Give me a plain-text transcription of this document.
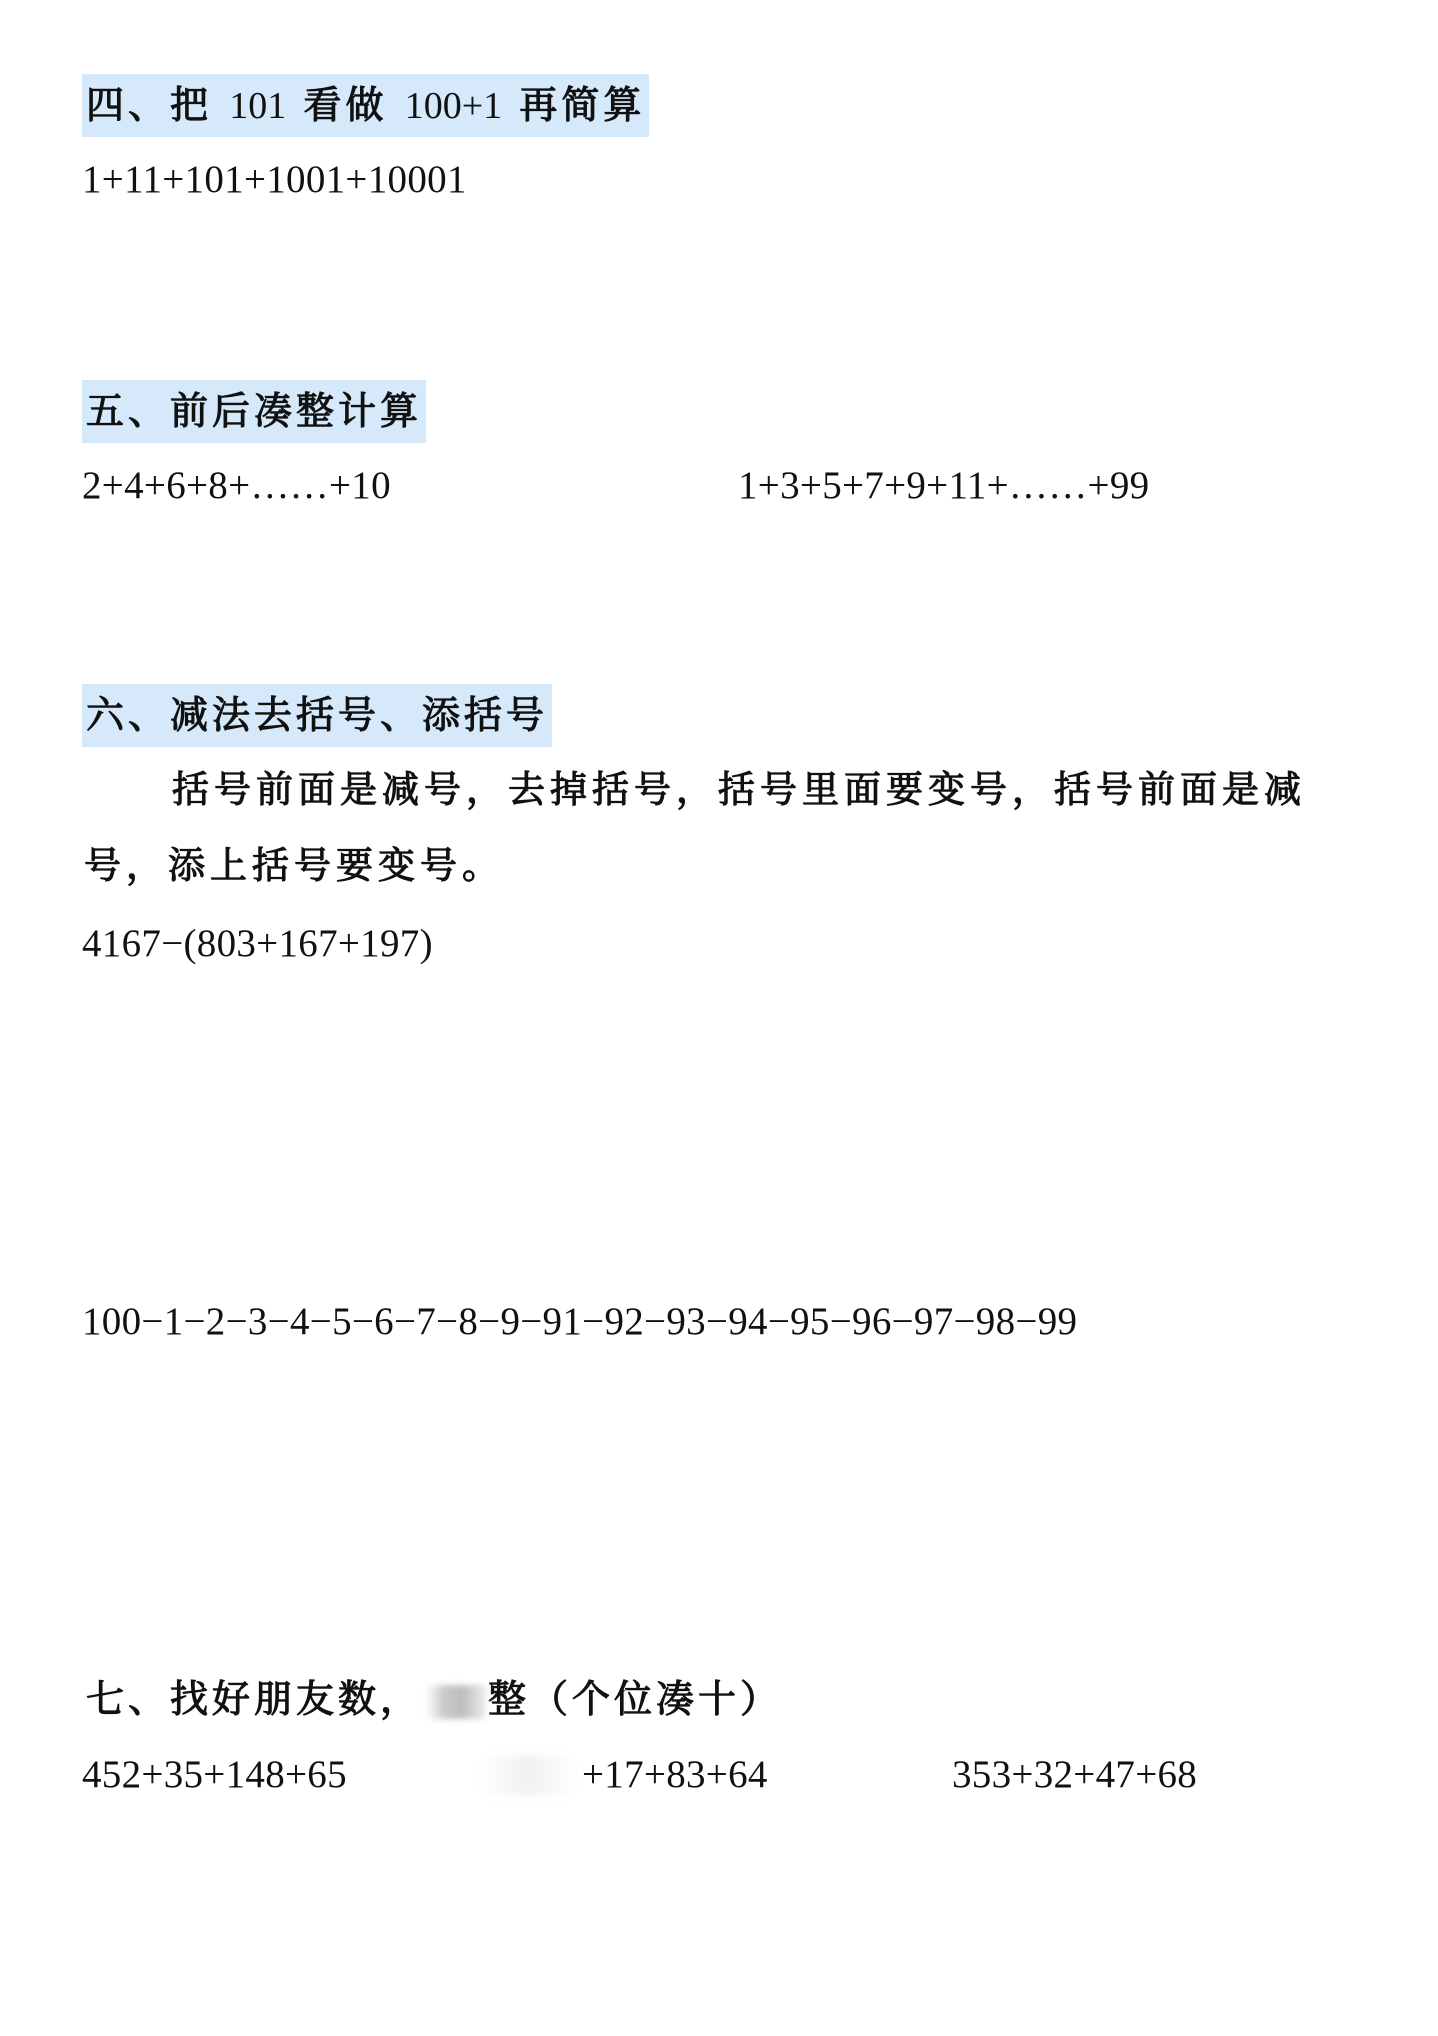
四、把 101 看做 100+1 再简算
1+11+101+1001+10001
五、前后凑整计算
2+4+6+8+……+10	1+3+5+7+9+11+……+99
六、减法去括号、添括号
括号前面是减号，去掉括号，括号里面要变号，括号前面是减号，添上括号要变号。
4167−(803+167+197)
100−1−2−3−4−5−6−7−8−9−91−92−93−94−95−96−97−98−99
七、找好朋友数， 整（个位凑十）
452+35+148+65	+17+83+64	353+32+47+68
